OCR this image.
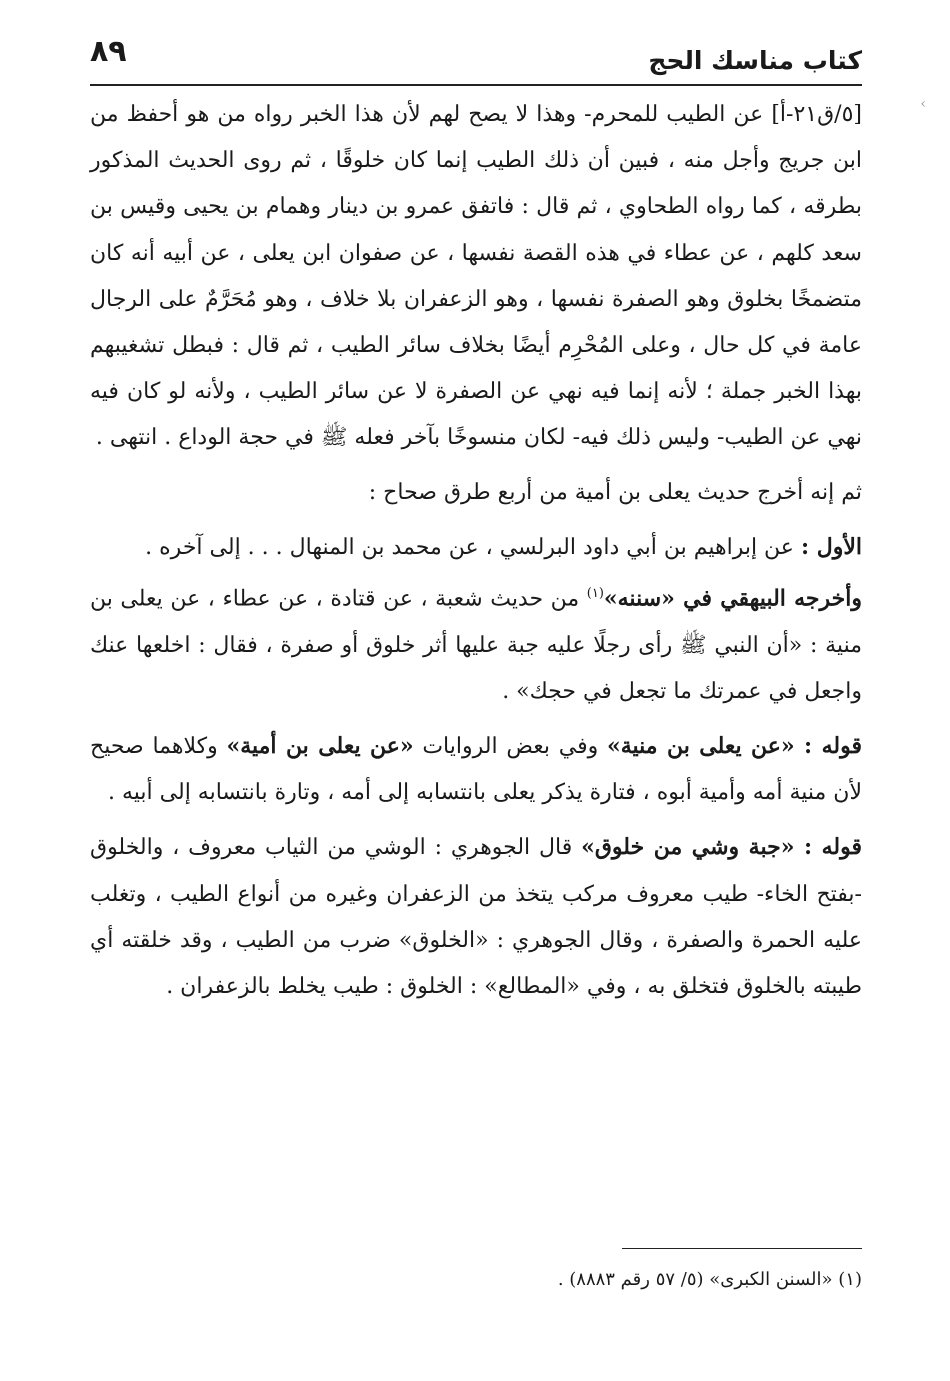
٨٩	كتاب مناسك الحج
‹

[٥/ق٢١-أ] عن الطيب للمحرم- وهذا لا يصح لهم لأن هذا الخبر رواه من هو أحفظ من ابن جريج وأجل منه ، فبين أن ذلك الطيب إنما كان خلوقًا ، ثم روى الحديث المذكور بطرقه ، كما رواه الطحاوي ، ثم قال : فاتفق عمرو بن دينار وهمام بن يحيى وقيس بن سعد كلهم ، عن عطاء في هذه القصة نفسها ، عن صفوان ابن يعلى ، عن أبيه أنه كان متضمخًا بخلوق وهو الصفرة نفسها ، وهو الزعفران بلا خلاف ، وهو مُحَرَّمٌ على الرجال عامة في كل حال ، وعلى المُحْرِم أيضًا بخلاف سائر الطيب ، ثم قال : فبطل تشغيبهم بهذا الخبر جملة ؛ لأنه إنما فيه نهي عن الصفرة لا عن سائر الطيب ، ولأنه لو كان فيه نهي عن الطيب- وليس ذلك فيه- لكان منسوخًا بآخر فعله ﷺ في حجة الوداع . انتهى .

ثم إنه أخرج حديث يعلى بن أمية من أربع طرق صحاح :

الأول : عن إبراهيم بن أبي داود البرلسي ، عن محمد بن المنهال . . . إلى آخره .

وأخرجه البيهقي في «سننه»$^{(١)}$ من حديث شعبة ، عن قتادة ، عن عطاء ، عن يعلى بن منية : «أن النبي ﷺ رأى رجلًا عليه جبة عليها أثر خلوق أو صفرة ، فقال : اخلعها عنك واجعل في عمرتك ما تجعل في حجك» .

قوله : «عن يعلى بن منية» وفي بعض الروايات «عن يعلى بن أمية» وكلاهما صحيح لأن منية أمه وأمية أبوه ، فتارة يذكر يعلى بانتسابه إلى أمه ، وتارة بانتسابه إلى أبيه .

قوله : «جبة وشي من خلوق» قال الجوهري : الوشي من الثياب معروف ، والخلوق -بفتح الخاء- طيب معروف مركب يتخذ من الزعفران وغيره من أنواع الطيب ، وتغلب عليه الحمرة والصفرة ، وقال الجوهري : «الخلوق» ضرب من الطيب ، وقد خلقته أي طيبته بالخلوق فتخلق به ، وفي «المطالع» : الخلوق : طيب يخلط بالزعفران .

(١) «السنن الكبرى» (٥/ ٥٧ رقم ٨٨٨٣) .
